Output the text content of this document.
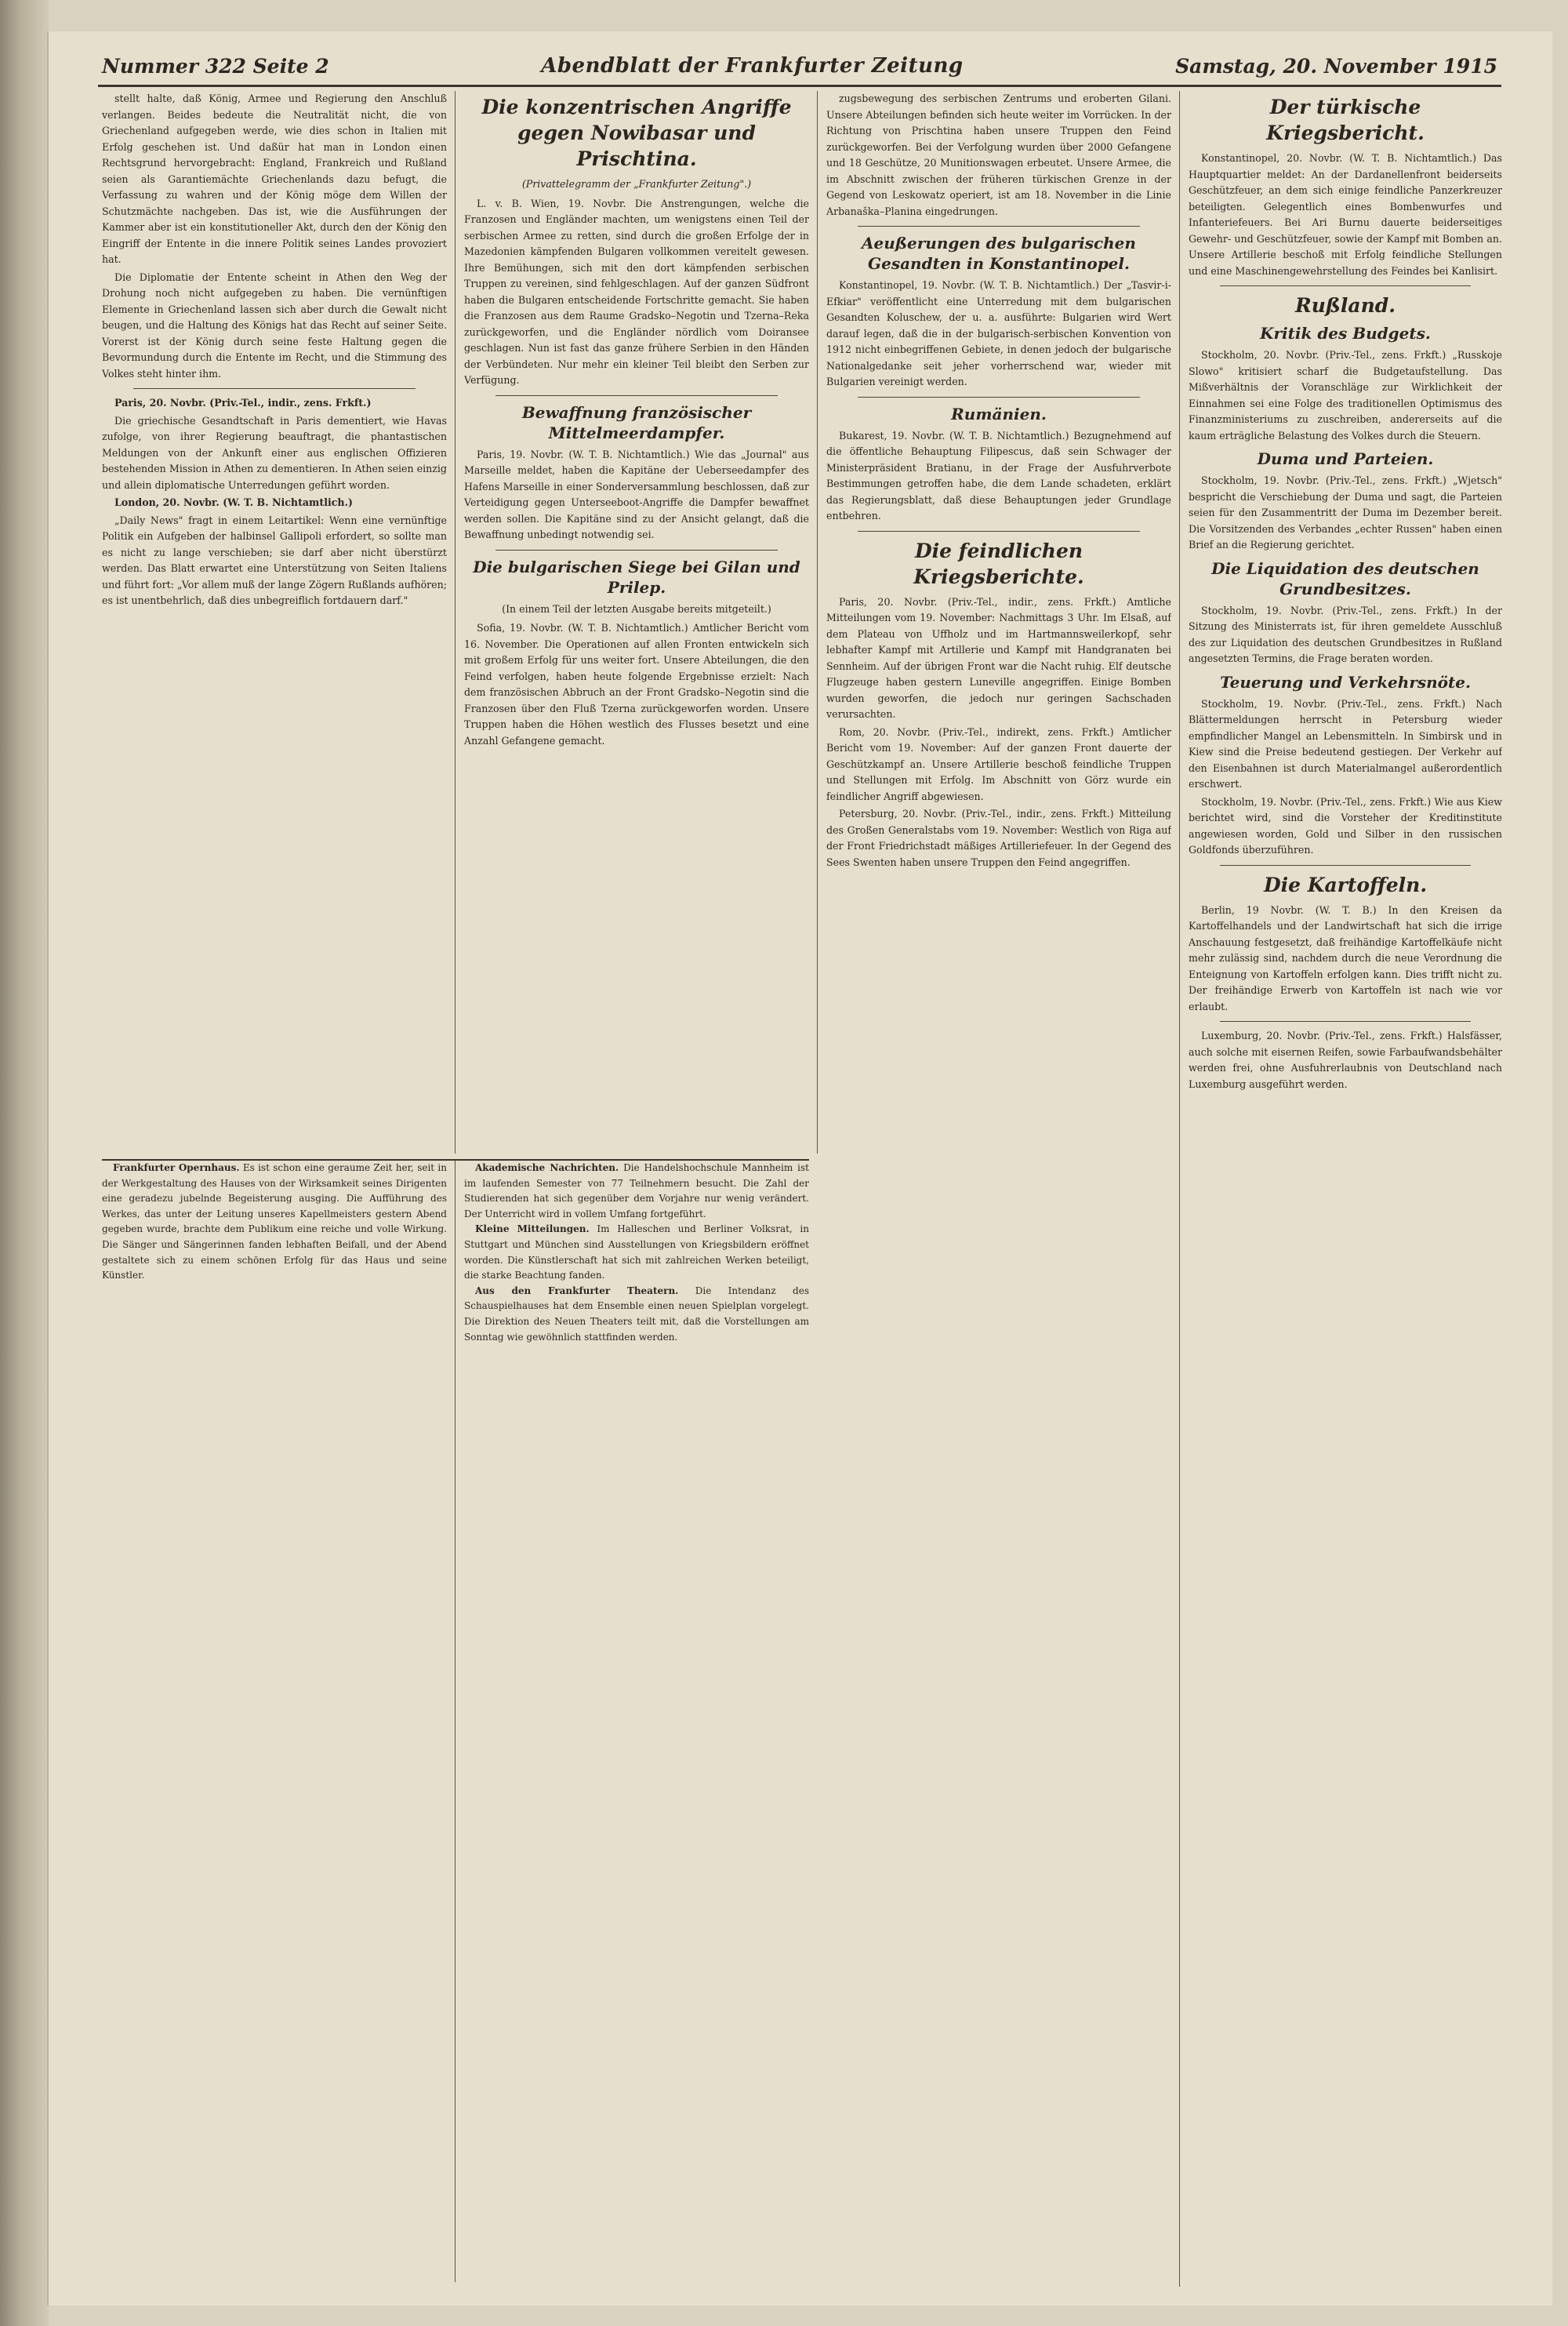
Nummer 322 Seite 2	Abendblatt der Frankfurter Zeitung	Samstag, 20. November 1915

stellt halte, daß König, Armee und Regierung den Anschluß verlangen. Beides bedeute die Neutralität nicht, die von Griechenland aufgegeben werde, wie dies schon in Italien mit Erfolg geschehen ist. Und daßür hat man in London einen Rechtsgrund hervorgebracht: England, Frankreich und Rußland seien als Garantiemächte Griechenlands dazu befugt, die Verfassung zu wahren und der König möge dem Willen der Schutzmächte nachgeben. Das ist, wie die Ausführungen der Kammer aber ist ein konstitutioneller Akt, durch den der König den Eingriff der Entente in die innere Politik seines Landes provoziert hat.

Die Diplomatie der Entente scheint in Athen den Weg der Drohung noch nicht aufgegeben zu haben. Die vernünftigen Elemente in Griechenland lassen sich aber durch die Gewalt nicht beugen, und die Haltung des Königs hat das Recht auf seiner Seite. Vorerst ist der König durch seine feste Haltung gegen die Bevormundung durch die Entente im Recht, und die Stimmung des Volkes steht hinter ihm.

Paris, 20. Novbr. (Priv.-Tel., indir., zens. Frkft.)

Die griechische Gesandtschaft in Paris dementiert, wie Havas zufolge, von ihrer Regierung beauftragt, die phantastischen Meldungen von der Ankunft einer aus englischen Offizieren bestehenden Mission in Athen zu dementieren. In Athen seien einzig und allein diplomatische Unterredungen geführt worden.

London, 20. Novbr. (W. T. B. Nichtamtlich.)

„Daily News" fragt in einem Leitartikel: Wenn eine vernünftige Politik ein Aufgeben der halbinsel Gallipoli erfordert, so sollte man es nicht zu lange verschieben; sie darf aber nicht überstürzt werden. Das Blatt erwartet eine Unterstützung von Seiten Italiens und führt fort: „Vor allem muß der lange Zögern Rußlands aufhören; es ist unentbehrlich, daß dies unbegreiflich fortdauern darf."

Die konzentrischen Angriffe gegen Nowibasar und Prischtina.

(Privattelegramm der „Frankfurter Zeitung".)

L. v. B. Wien, 19. Novbr. Die Anstrengungen, welche die Franzosen und Engländer machten, um wenigstens einen Teil der serbischen Armee zu retten, sind durch die großen Erfolge der in Mazedonien kämpfenden Bulgaren vollkommen vereitelt gewesen. Ihre Bemühungen, sich mit den dort kämpfenden serbischen Truppen zu vereinen, sind fehlgeschlagen. Auf der ganzen Südfront haben die Bulgaren entscheidende Fortschritte gemacht. Sie haben die Franzosen aus dem Raume Gradsko–Negotin und Tzerna–Reka zurückgeworfen, und die Engländer nördlich vom Doiransee geschlagen. Nun ist fast das ganze frühere Serbien in den Händen der Verbündeten. Nur mehr ein kleiner Teil bleibt den Serben zur Verfügung.

Bewaffnung französischer Mittelmeerdampfer.

Paris, 19. Novbr. (W. T. B. Nichtamtlich.) Wie das „Journal" aus Marseille meldet, haben die Kapitäne der Ueberseedampfer des Hafens Marseille in einer Sonderversammlung beschlossen, daß zur Verteidigung gegen Unterseeboot-Angriffe die Dampfer bewaffnet werden sollen. Die Kapitäne sind zu der Ansicht gelangt, daß die Bewaffnung unbedingt notwendig sei.

Die bulgarischen Siege bei Gilan und Prilep.

(In einem Teil der letzten Ausgabe bereits mitgeteilt.)

Sofia, 19. Novbr. (W. T. B. Nichtamtlich.) Amtlicher Bericht vom 16. November. Die Operationen auf allen Fronten entwickeln sich mit großem Erfolg für uns weiter fort. Unsere Abteilungen, die den Feind verfolgen, haben heute folgende Ergebnisse erzielt: Nach dem französischen Abbruch an der Front Gradsko–Negotin sind die Franzosen über den Fluß Tzerna zurückgeworfen worden. Unsere Truppen haben die Höhen westlich des Flusses besetzt und eine Anzahl Gefangene gemacht.

zugsbewegung des serbischen Zentrums und eroberten Gilani. Unsere Abteilungen befinden sich heute weiter im Vorrücken. In der Richtung von Prischtina haben unsere Truppen den Feind zurückgeworfen. Bei der Verfolgung wurden über 2000 Gefangene und 18 Geschütze, 20 Munitionswagen erbeutet. Unsere Armee, die im Abschnitt zwischen der früheren türkischen Grenze in der Gegend von Leskowatz operiert, ist am 18. November in die Linie Arbanaška–Planina eingedrungen.

Aeußerungen des bulgarischen Gesandten in Konstantinopel.

Konstantinopel, 19. Novbr. (W. T. B. Nichtamtlich.) Der „Tasvir-i-Efkiar" veröffentlicht eine Unterredung mit dem bulgarischen Gesandten Koluschew, der u. a. ausführte: Bulgarien wird Wert darauf legen, daß die in der bulgarisch-serbischen Konvention von 1912 nicht einbegriffenen Gebiete, in denen jedoch der bulgarische Nationalgedanke seit jeher vorherrschend war, wieder mit Bulgarien vereinigt werden.

Rumänien.

Bukarest, 19. Novbr. (W. T. B. Nichtamtlich.) Bezugnehmend auf die öffentliche Behauptung Filipescus, daß sein Schwager der Ministerpräsident Bratianu, in der Frage der Ausfuhrverbote Bestimmungen getroffen habe, die dem Lande schadeten, erklärt das Regierungsblatt, daß diese Behauptungen jeder Grundlage entbehren.

Die feindlichen Kriegsberichte.

Paris, 20. Novbr. (Priv.-Tel., indir., zens. Frkft.) Amtliche Mitteilungen vom 19. November: Nachmittags 3 Uhr. Im Elsaß, auf dem Plateau von Uffholz und im Hartmannsweilerkopf, sehr lebhafter Kampf mit Artillerie und Kampf mit Handgranaten bei Sennheim. Auf der übrigen Front war die Nacht ruhig. Elf deutsche Flugzeuge haben gestern Luneville angegriffen. Einige Bomben wurden geworfen, die jedoch nur geringen Sachschaden verursachten.

Rom, 20. Novbr. (Priv.-Tel., indirekt, zens. Frkft.) Amtlicher Bericht vom 19. November: Auf der ganzen Front dauerte der Geschützkampf an. Unsere Artillerie beschoß feindliche Truppen und Stellungen mit Erfolg. Im Abschnitt von Görz wurde ein feindlicher Angriff abgewiesen.

Petersburg, 20. Novbr. (Priv.-Tel., indir., zens. Frkft.) Mitteilung des Großen Generalstabs vom 19. November: Westlich von Riga auf der Front Friedrichstadt mäßiges Artilleriefeuer. In der Gegend des Sees Swenten haben unsere Truppen den Feind angegriffen.

Der türkische Kriegsbericht.

Konstantinopel, 20. Novbr. (W. T. B. Nichtamtlich.) Das Hauptquartier meldet: An der Dardanellenfront beiderseits Geschützfeuer, an dem sich einige feindliche Panzerkreuzer beteiligten. Gelegentlich eines Bombenwurfes und Infanteriefeuers. Bei Ari Burnu dauerte beiderseitiges Gewehr- und Geschützfeuer, sowie der Kampf mit Bomben an. Unsere Artillerie beschoß mit Erfolg feindliche Stellungen und eine Maschinengewehrstellung des Feindes bei Kanlisirt.

Rußland.
Kritik des Budgets.

Stockholm, 20. Novbr. (Priv.-Tel., zens. Frkft.) „Russkoje Slowo" kritisiert scharf die Budgetaufstellung. Das Mißverhältnis der Voranschläge zur Wirklichkeit der Einnahmen sei eine Folge des traditionellen Optimismus des Finanzministeriums zu zuschreiben, andererseits auf die kaum erträgliche Belastung des Volkes durch die Steuern.

Duma und Parteien.

Stockholm, 19. Novbr. (Priv.-Tel., zens. Frkft.) „Wjetsch" bespricht die Verschiebung der Duma und sagt, die Parteien seien für den Zusammentritt der Duma im Dezember bereit. Die Vorsitzenden des Verbandes „echter Russen" haben einen Brief an die Regierung gerichtet.

Die Liquidation des deutschen Grundbesitzes.

Stockholm, 19. Novbr. (Priv.-Tel., zens. Frkft.) In der Sitzung des Ministerrats ist, für ihren gemeldete Ausschluß des zur Liquidation des deutschen Grundbesitzes in Rußland angesetzten Termins, die Frage beraten worden.

Teuerung und Verkehrsnöte.

Stockholm, 19. Novbr. (Priv.-Tel., zens. Frkft.) Nach Blättermeldungen herrscht in Petersburg wieder empfindlicher Mangel an Lebensmitteln. In Simbirsk und in Kiew sind die Preise bedeutend gestiegen. Der Verkehr auf den Eisenbahnen ist durch Materialmangel außerordentlich erschwert.

Stockholm, 19. Novbr. (Priv.-Tel., zens. Frkft.) Wie aus Kiew berichtet wird, sind die Vorsteher der Kreditinstitute angewiesen worden, Gold und Silber in den russischen Goldfonds überzuführen.

Die Kartoffeln.

Berlin, 19 Novbr. (W. T. B.) In den Kreisen da Kartoffelhandels und der Landwirtschaft hat sich die irrige Anschauung festgesetzt, daß freihändige Kartoffelkäufe nicht mehr zulässig sind, nachdem durch die neue Verordnung die Enteignung von Kartoffeln erfolgen kann. Dies trifft nicht zu. Der freihändige Erwerb von Kartoffeln ist nach wie vor erlaubt.

Luxemburg, 20. Novbr. (Priv.-Tel., zens. Frkft.) Halsfässer, auch solche mit eisernen Reifen, sowie Farbaufwandsbehälter werden frei, ohne Ausfuhrerlaubnis von Deutschland nach Luxemburg ausgeführt werden.

Frankfurter Opernhaus. Es ist schon eine geraume Zeit her, seit in der Werkgestaltung des Hauses von der Wirksamkeit seines Dirigenten eine geradezu jubelnde Begeisterung ausging. Die Aufführung des Werkes, das unter der Leitung unseres Kapellmeisters gestern Abend gegeben wurde, brachte dem Publikum eine reiche und volle Wirkung. Die Sänger und Sängerinnen fanden lebhaften Beifall, und der Abend gestaltete sich zu einem schönen Erfolg für das Haus und seine Künstler.

Akademische Nachrichten. Die Handelshochschule Mannheim ist im laufenden Semester von 77 Teilnehmern besucht. Die Zahl der Studierenden hat sich gegenüber dem Vorjahre nur wenig verändert. Der Unterricht wird in vollem Umfang fortgeführt.

Kleine Mitteilungen. Im Halleschen und Berliner Volksrat, in Stuttgart und München sind Ausstellungen von Kriegsbildern eröffnet worden. Die Künstlerschaft hat sich mit zahlreichen Werken beteiligt, die starke Beachtung fanden.

Aus den Frankfurter Theatern. Die Intendanz des Schauspielhauses hat dem Ensemble einen neuen Spielplan vorgelegt. Die Direktion des Neuen Theaters teilt mit, daß die Vorstellungen am Sonntag wie gewöhnlich stattfinden werden.
